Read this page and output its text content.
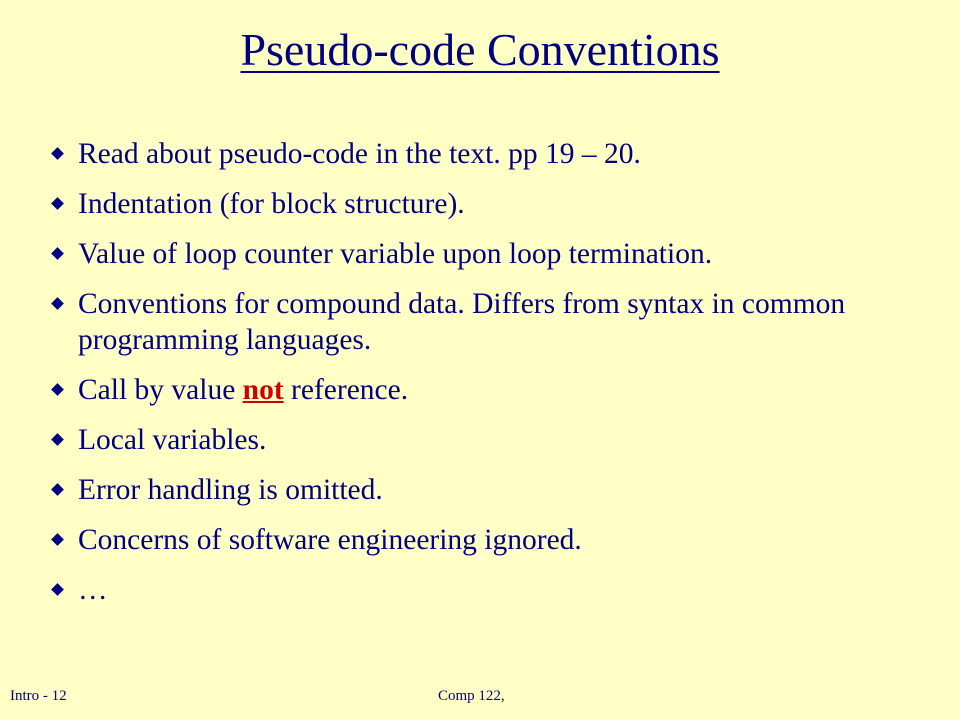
Pseudo-code Conventions
Read about pseudo-code in the text. pp 19 – 20.
Indentation (for block structure).
Value of loop counter variable upon loop termination.
Conventions for compound data. Differs from syntax in common programming languages.
Call by value not reference.
Local variables.
Error handling is omitted.
Concerns of software engineering ignored.
…
Intro - 12	Comp 122,
